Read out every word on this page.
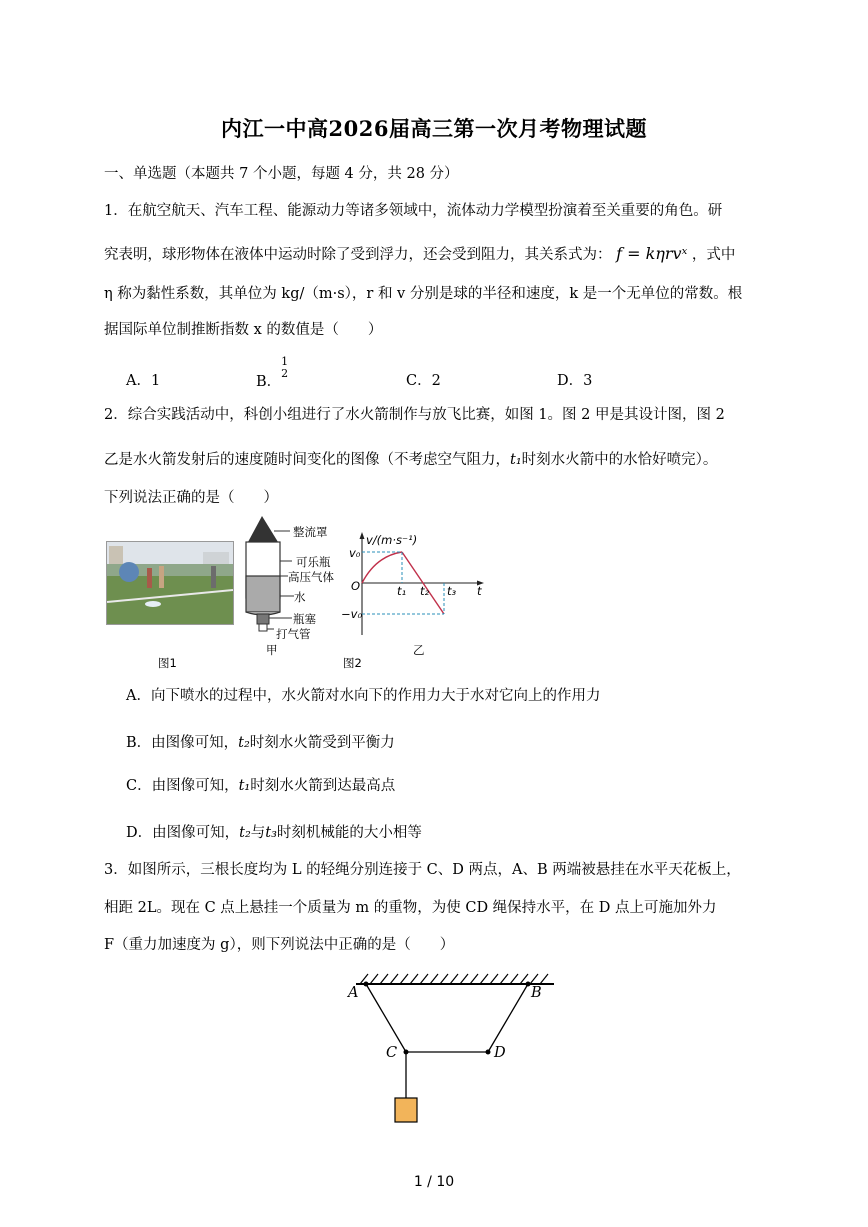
内江一中高2026届高三第一次月考物理试题
一、单选题（本题共 7 个小题，每题 4 分，共 28 分）
1．在航空航天、汽车工程、能源动力等诸多领域中，流体动力学模型扮演着至关重要的角色。研
究表明，球形物体在液体中运动时除了受到浮力，还会受到阻力，其关系式为： f = kηrvˣ ，式中
η 称为黏性系数，其单位为 kg/（m·s），r 和 v 分别是球的半径和速度，k 是一个无单位的常数。根
据国际单位制推断指数 x 的数值是（　　）
A．1	B．
1
2	C．2	D．3
2．综合实践活动中，科创小组进行了水火箭制作与放飞比赛，如图 1。图 2 甲是其设计图，图 2
乙是水火箭发射后的速度随时间变化的图像（不考虑空气阻力，t₁时刻水火箭中的水恰好喷完）。
下列说法正确的是（　　）
图1
整流罩
可乐瓶
高压气体
水
瓶塞
打气管
甲
图2
v/(m·s⁻¹)
v₀
O
−v₀
t₁ t₂ t₃ t
乙
A．向下喷水的过程中，水火箭对水向下的作用力大于水对它向上的作用力
B．由图像可知，t₂时刻水火箭受到平衡力
C．由图像可知，t₁时刻水火箭到达最高点
D．由图像可知，t₂与t₃时刻机械能的大小相等
3．如图所示，三根长度均为 L 的轻绳分别连接于 C、D 两点，A、B 两端被悬挂在水平天花板上，
相距 2L。现在 C 点上悬挂一个质量为 m 的重物，为使 CD 绳保持水平，在 D 点上可施加外力
F（重力加速度为 g），则下列说法中正确的是（　　）
A	B
C	D
1 / 10
